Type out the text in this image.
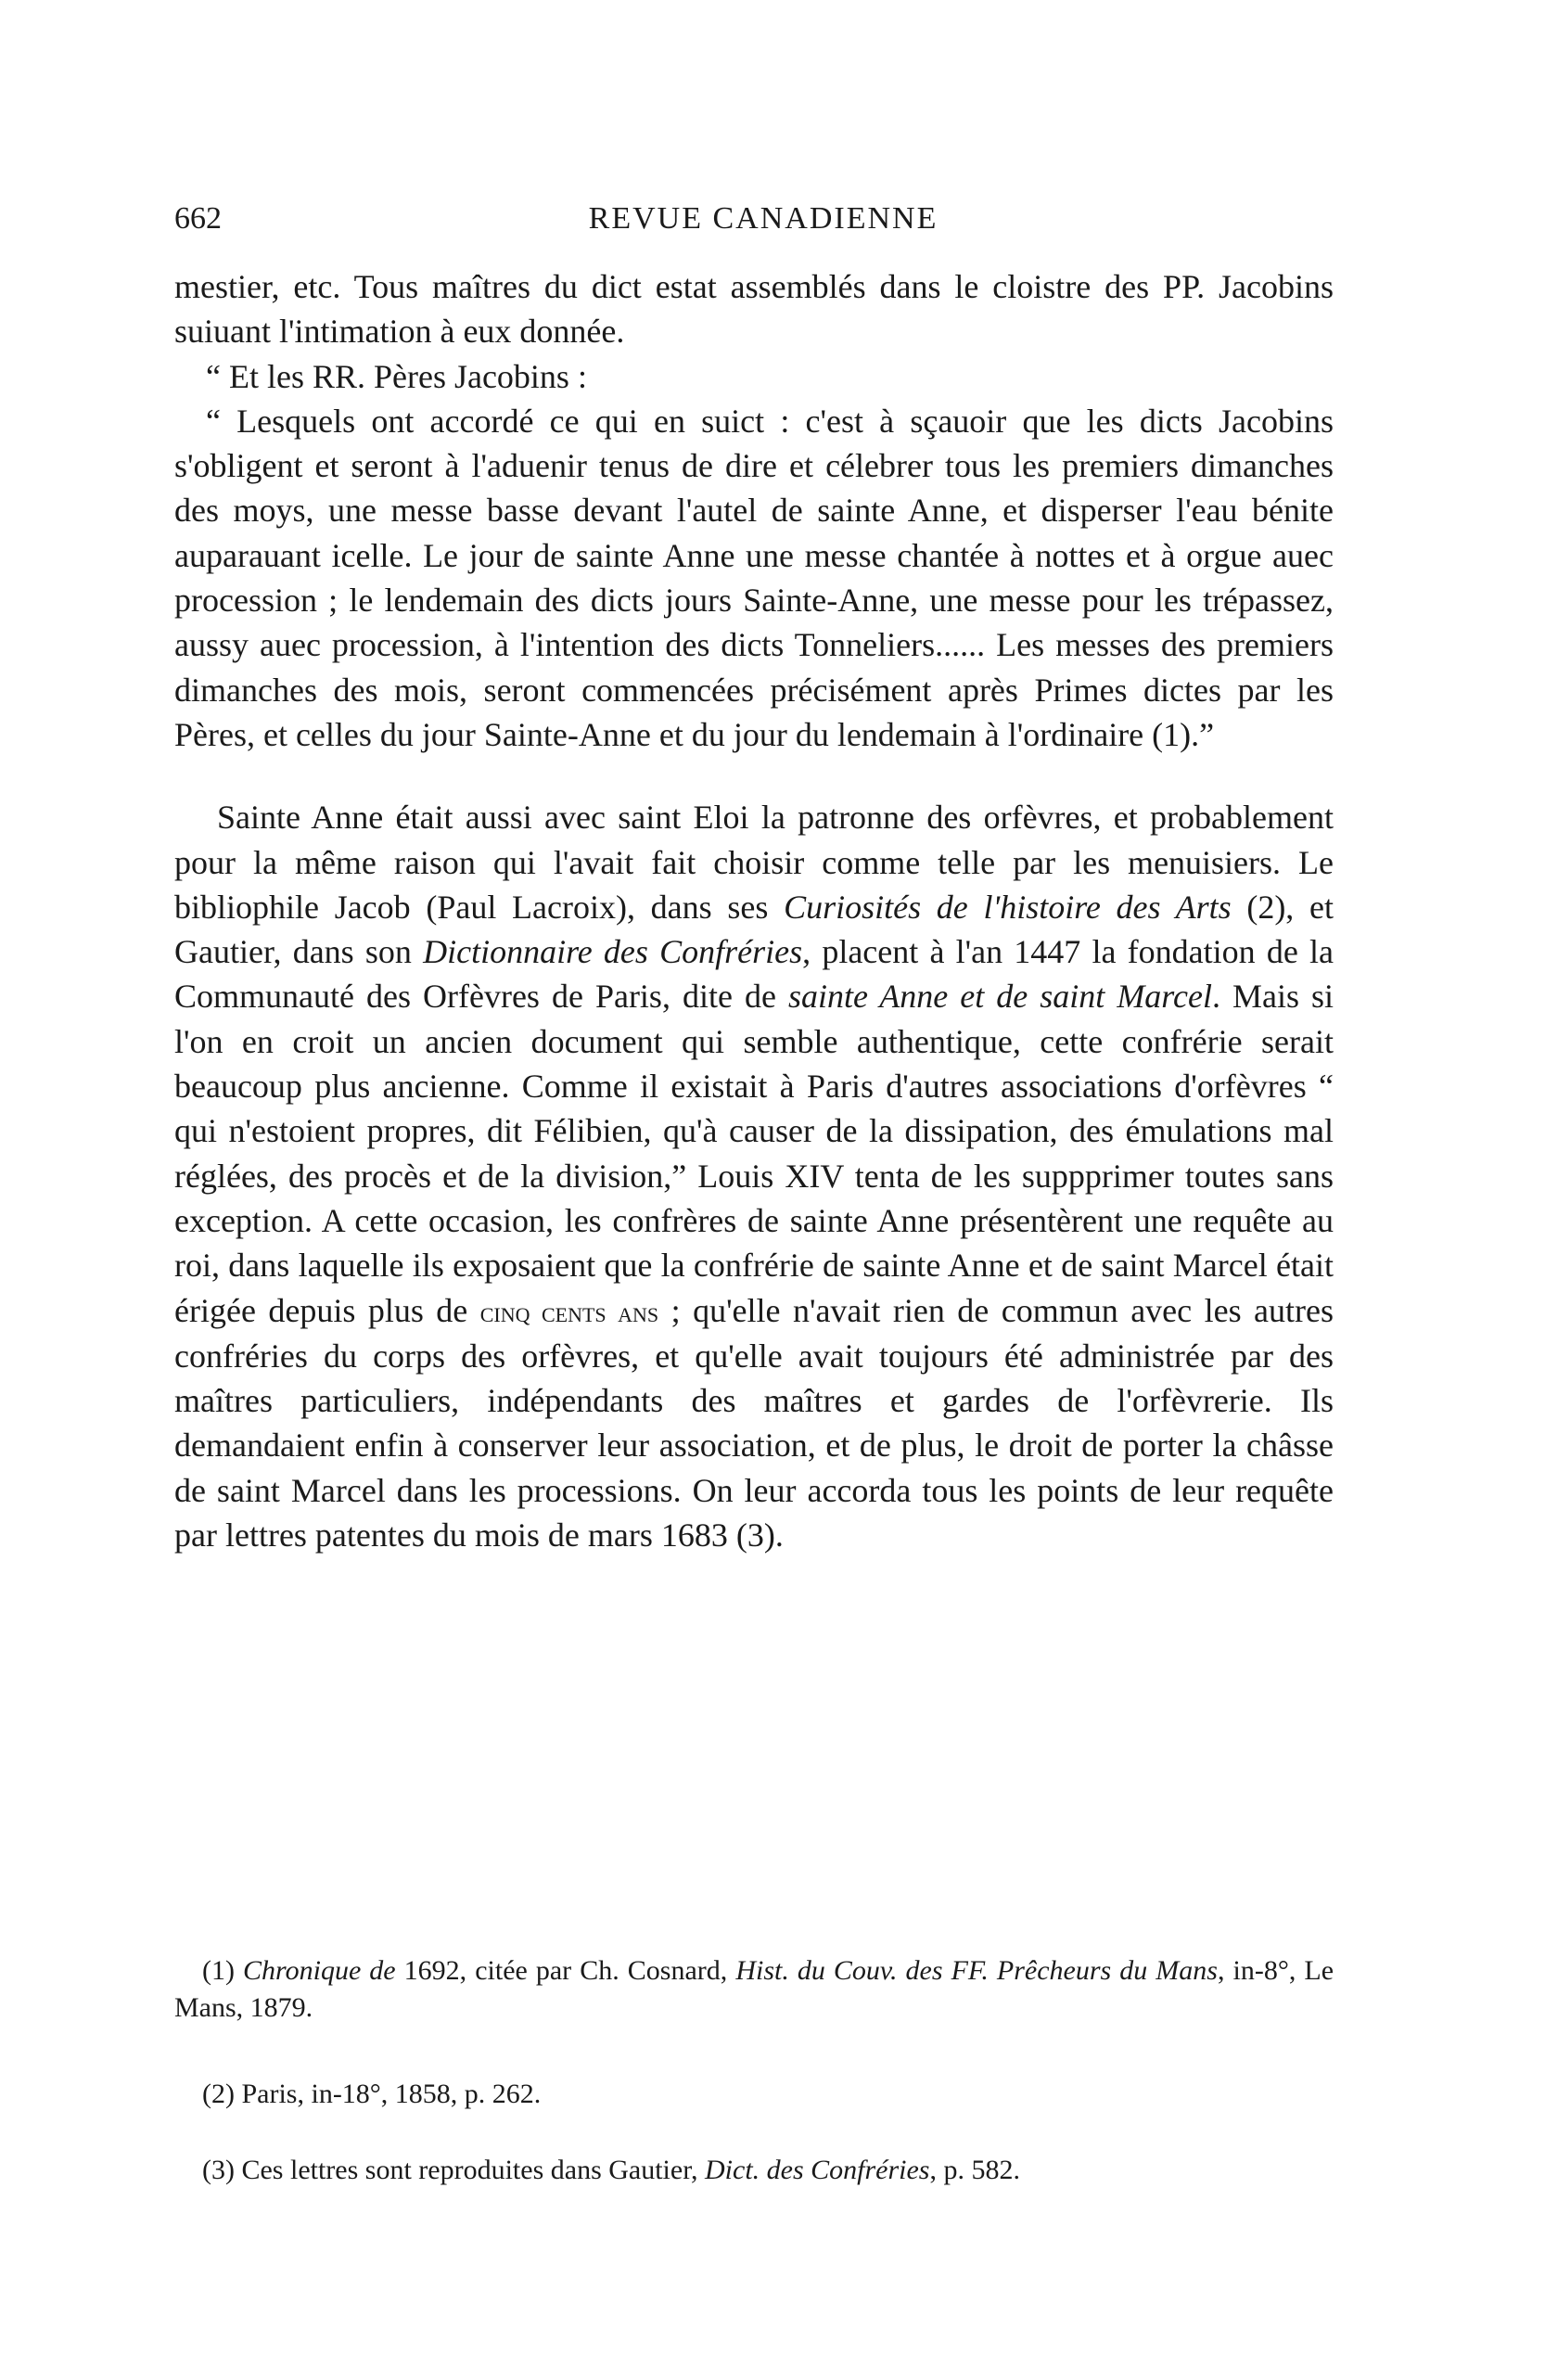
662	REVUE CANADIENNE

mestier, etc. Tous maîtres du dict estat assemblés dans le cloistre des PP. Jacobins suiuant l'intimation à eux donnée.

“ Et les RR. Pères Jacobins :

“ Lesquels ont accordé ce qui en suict : c'est à sçauoir que les dicts Jacobins s'obligent et seront à l'aduenir tenus de dire et célebrer tous les premiers dimanches des moys, une messe basse devant l'autel de sainte Anne, et disperser l'eau bénite auparauant icelle. Le jour de sainte Anne une messe chantée à nottes et à orgue auec procession ; le lendemain des dicts jours Sainte-Anne, une messe pour les trépassez, aussy auec procession, à l'intention des dicts Tonneliers...... Les messes des premiers dimanches des mois, seront commencées précisément après Primes dictes par les Pères, et celles du jour Sainte-Anne et du jour du lendemain à l'ordinaire (1).”

Sainte Anne était aussi avec saint Eloi la patronne des orfèvres, et probablement pour la même raison qui l'avait fait choisir comme telle par les menuisiers. Le bibliophile Jacob (Paul Lacroix), dans ses Curiosités de l'histoire des Arts (2), et Gautier, dans son Dictionnaire des Confréries, placent à l'an 1447 la fondation de la Communauté des Orfèvres de Paris, dite de sainte Anne et de saint Marcel. Mais si l'on en croit un ancien document qui semble authentique, cette confrérie serait beaucoup plus ancienne. Comme il existait à Paris d'autres associations d'orfèvres “ qui n'estoient propres, dit Félibien, qu'à causer de la dissipation, des émulations mal réglées, des procès et de la division,” Louis XIV tenta de les suppprimer toutes sans exception. A cette occasion, les confrères de sainte Anne présentèrent une requête au roi, dans laquelle ils exposaient que la confrérie de sainte Anne et de saint Marcel était érigée depuis plus de cinq cents ans ; qu'elle n'avait rien de commun avec les autres confréries du corps des orfèvres, et qu'elle avait toujours été administrée par des maîtres particuliers, indépendants des maîtres et gardes de l'orfèvrerie. Ils demandaient enfin à conserver leur association, et de plus, le droit de porter la châsse de saint Marcel dans les processions. On leur accorda tous les points de leur requête par lettres patentes du mois de mars 1683 (3).

(1) Chronique de 1692, citée par Ch. Cosnard, Hist. du Couv. des FF. Prêcheurs du Mans, in-8°, Le Mans, 1879.

(2) Paris, in-18°, 1858, p. 262.

(3) Ces lettres sont reproduites dans Gautier, Dict. des Confréries, p. 582.
